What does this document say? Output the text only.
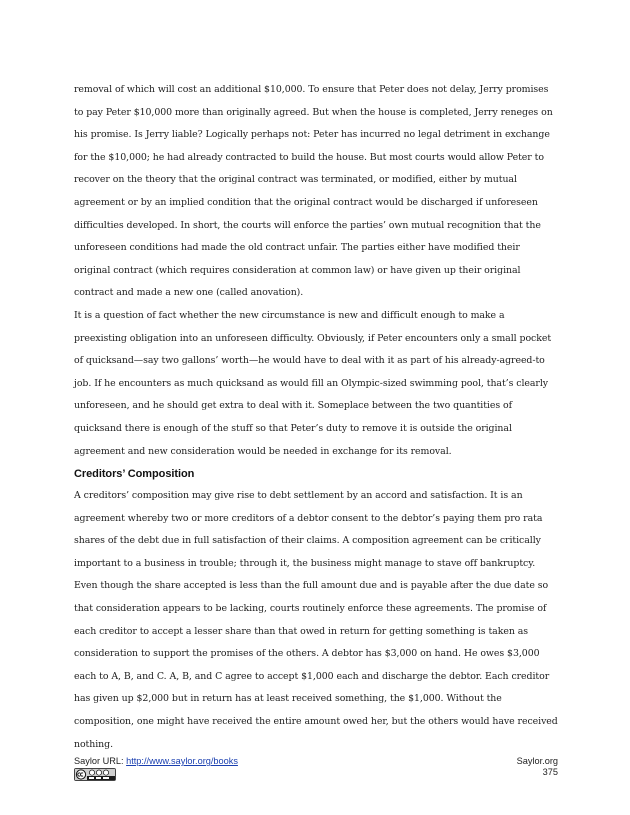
removal of which will cost an additional $10,000. To ensure that Peter does not delay, Jerry promises to pay Peter $10,000 more than originally agreed. But when the house is completed, Jerry reneges on his promise. Is Jerry liable? Logically perhaps not: Peter has incurred no legal detriment in exchange for the $10,000; he had already contracted to build the house. But most courts would allow Peter to recover on the theory that the original contract was terminated, or modified, either by mutual agreement or by an implied condition that the original contract would be discharged if unforeseen difficulties developed. In short, the courts will enforce the parties’ own mutual recognition that the unforeseen conditions had made the old contract unfair. The parties either have modified their original contract (which requires consideration at common law) or have given up their original contract and made a new one (called anovation).

It is a question of fact whether the new circumstance is new and difficult enough to make a preexisting obligation into an unforeseen difficulty. Obviously, if Peter encounters only a small pocket of quicksand—say two gallons’ worth—he would have to deal with it as part of his already-agreed-to job. If he encounters as much quicksand as would fill an Olympic-sized swimming pool, that’s clearly unforeseen, and he should get extra to deal with it. Someplace between the two quantities of quicksand there is enough of the stuff so that Peter’s duty to remove it is outside the original agreement and new consideration would be needed in exchange for its removal.

Creditors’ Composition

A creditors’ composition may give rise to debt settlement by an accord and satisfaction. It is an agreement whereby two or more creditors of a debtor consent to the debtor’s paying them pro rata shares of the debt due in full satisfaction of their claims. A composition agreement can be critically important to a business in trouble; through it, the business might manage to stave off bankruptcy. Even though the share accepted is less than the full amount due and is payable after the due date so that consideration appears to be lacking, courts routinely enforce these agreements. The promise of each creditor to accept a lesser share than that owed in return for getting something is taken as consideration to support the promises of the others. A debtor has $3,000 on hand. He owes $3,000 each to A, B, and C. A, B, and C agree to accept $1,000 each and discharge the debtor. Each creditor has given up $2,000 but in return has at least received something, the $1,000. Without the composition, one might have received the entire amount owed her, but the others would have received nothing.

Saylor URL: http://www.saylor.org/books	Saylor.org
375
